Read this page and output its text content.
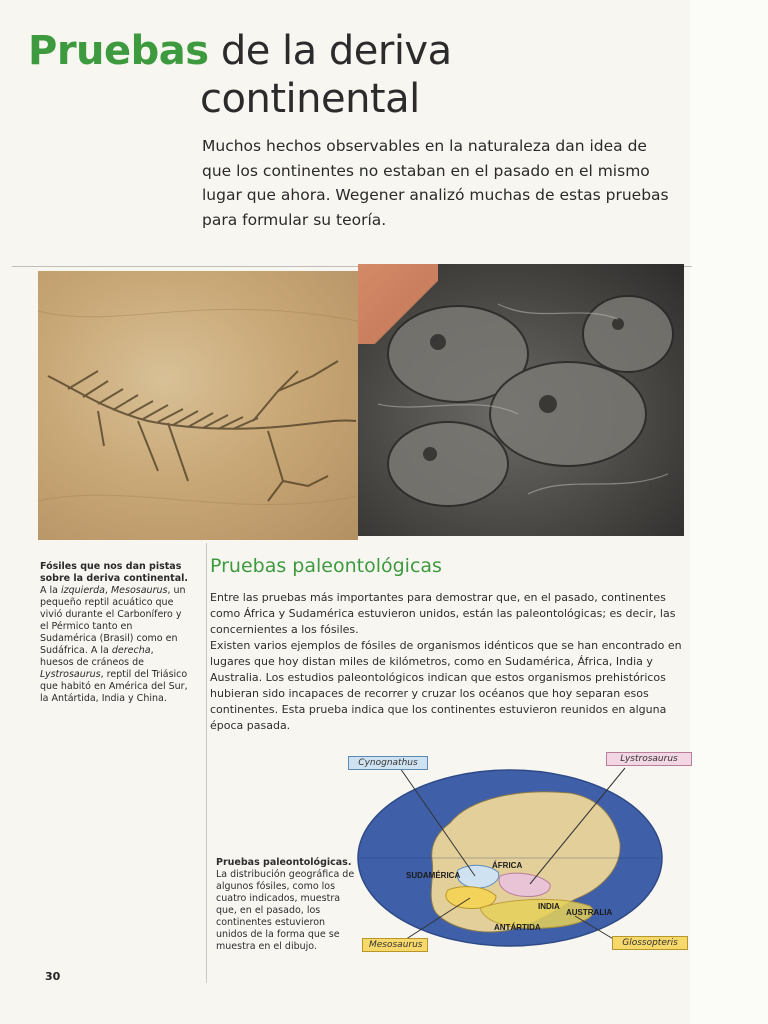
Pruebas de la deriva
continental
Muchos hechos observables en la naturaleza dan idea de que los continentes no estaban en el pasado en el mismo lugar que ahora. Wegener analizó muchas de estas pruebas para formular su teoría.
Fósiles que nos dan pistas sobre la deriva continental. A la izquierda, Mesosaurus, un pequeño reptil acuático que vivió durante el Carbonífero y el Pérmico tanto en Sudamérica (Brasil) como en Sudáfrica. A la derecha, huesos de cráneos de Lystrosaurus, reptil del Triásico que habitó en América del Sur, la Antártida, India y China.
Pruebas paleontológicas
Entre las pruebas más importantes para demostrar que, en el pasado, continentes como África y Sudamérica estuvieron unidos, están las paleontológicas; es decir, las concernientes a los fósiles.
Existen varios ejemplos de fósiles de organismos idénticos que se han encontrado en lugares que hoy distan miles de kilómetros, como en Sudamérica, África, India y Australia. Los estudios paleontológicos indican que estos organismos prehistóricos hubieran sido incapaces de recorrer y cruzar los océanos que hoy separan esos continentes. Esta prueba indica que los continentes estuvieron reunidos en alguna época pasada.
Pruebas paleontológicas. La distribución geográfica de algunos fósiles, como los cuatro indicados, muestra que, en el pasado, los continentes estuvieron unidos de la forma que se muestra en el dibujo.
SUDAMÉRICA
ÁFRICA
INDIA
AUSTRALIA
ANTÁRTIDA
Cynognathus	Lystrosaurus
Mesosaurus	Glossopteris
30
